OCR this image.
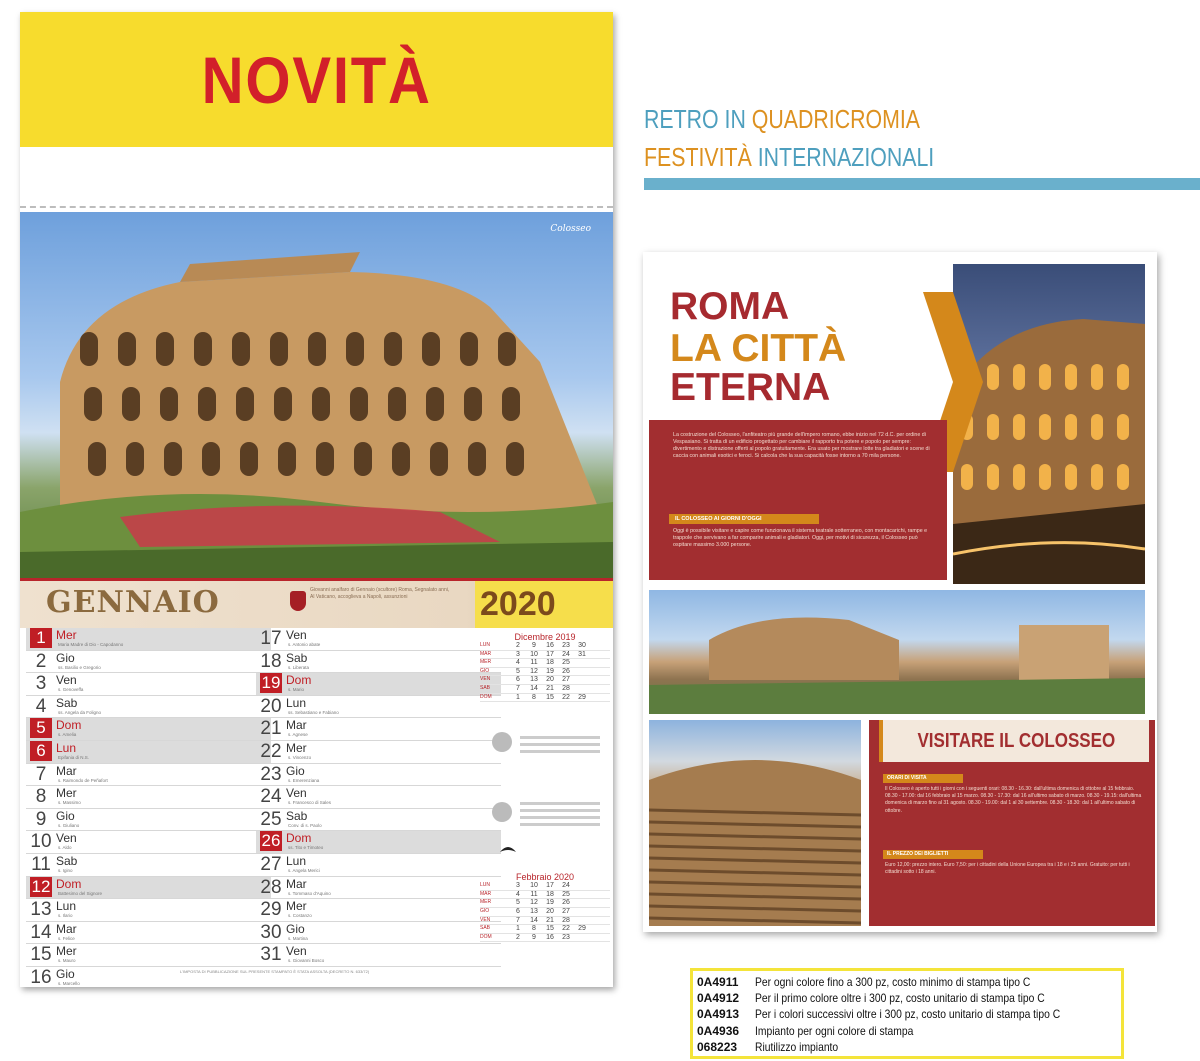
NOVITÀ
Colosseo
GENNAIO	Giovanni analfaro di Gennaio (scultore) Roma, Segnalato anni, Al Vaticano, accoglieva a Napoli, assunzioni	2020
1 Mer
Maria Madre di Dio - Capodanno
2 Gio
ss. Basilio e Gregorio
3 Ven
s. Genoveffa
4 Sab
ss. Angela da Foligno
5 Dom
s. Amelia
6 Lun
Epifania di N.S.
7 Mar
s. Raimondo de Peñafort
8 Mer
s. Massimo
9 Gio
s. Giuliano
10 Ven
s. Aldo
11 Sab
s. Igino
12 Dom
Battesimo del Signore
13 Lun
s. Ilario
14 Mar
s. Felice
15 Mer
s. Mauro
16 Gio
s. Marcello
17 Ven
s. Antonio abate
18 Sab
s. Liberata
19 Dom
s. Mario
20 Lun
ss. Sebastiano e Fabiano
21 Mar
s. Agnese
22 Mer
s. Vincenzo
23 Gio
s. Emerenziana
24 Ven
s. Francesco di Sales
25 Sab
Conv. di s. Paolo
26 Dom
ss. Tito e Timoteo
27 Lun
s. Angela Merici
28 Mar
s. Tommaso d'Aquino
29 Mer
s. Costanzo
30 Gio
s. Martina
31 Ven
s. Giovanni Bosco
Dicembre 2019
LUN	2	9	16	23	30
MAR	3	10	17	24	31
MER	4	11	18	25
GIO	5	12	19	26
VEN	6	13	20	27
SAB	7	14	21	28
DOM	1	8	15	22	29
Febbraio 2020
LUN	3	10	17	24
MAR	4	11	18	25
MER	5	12	19	26
GIO	6	13	20	27
VEN	7	14	21	28
SAB	1	8	15	22	29
DOM	2	9	16	23
L'IMPOSTA DI PUBBLICAZIONE SUL PRESENTE STAMPATO È STATA ASSOLTA (DECRETO N. 633/72)
RETRO IN QUADRICROMIA
FESTIVITÀ INTERNAZIONALI
ROMA
LA CITTÀ
ETERNA

La costruzione del Colosseo, l'anfiteatro più grande dell'impero romano, ebbe inizio nel 72 d.C. per ordine di Vespasiano. Si tratta di un edificio progettato per cambiare il rapporto tra potere e popolo per sempre: divertimento e distrazione offerti al popolo gratuitamente. Era usato per mostrare lotte tra gladiatori e scene di caccia con animali esotici e feroci. Si calcola che la sua capacità fosse intorno a 70 mila persone.

IL COLOSSEO AI GIORNI D'OGGI

Oggi è possibile visitare e capire come funzionava il sistema teatrale sotterraneo, con montacarichi, rampe e trappole che servivano a far comparire animali e gladiatori. Oggi, per motivi di sicurezza, il Colosseo può ospitare massimo 3.000 persone.

VISITARE IL COLOSSEO
ORARI DI VISITA
Il Colosseo è aperto tutti i giorni con i seguenti orari: 08.30 - 16.30: dall'ultima domenica di ottobre al 15 febbraio. 08.30 - 17.00: dal 16 febbraio al 15 marzo. 08.30 - 17.30: dal 16 all'ultimo sabato di marzo. 08.30 - 19.15: dall'ultima domenica di marzo fino al 31 agosto. 08.30 - 19.00: dal 1 al 30 settembre. 08.30 - 18.30: dal 1 all'ultimo sabato di ottobre.
IL PREZZO DEI BIGLIETTI
Euro 12,00: prezzo intero. Euro 7,50: per i cittadini della Unione Europea tra i 18 e i 25 anni. Gratuito: per tutti i cittadini sotto i 18 anni.
0A4911	Per ogni colore fino a 300 pz, costo minimo di stampa tipo C
0A4912	Per il primo colore oltre i 300 pz, costo unitario di stampa tipo C
0A4913	Per i colori successivi oltre i 300 pz, costo unitario di stampa tipo C
0A4936	Impianto per ogni colore di stampa
068223	Riutilizzo impianto
